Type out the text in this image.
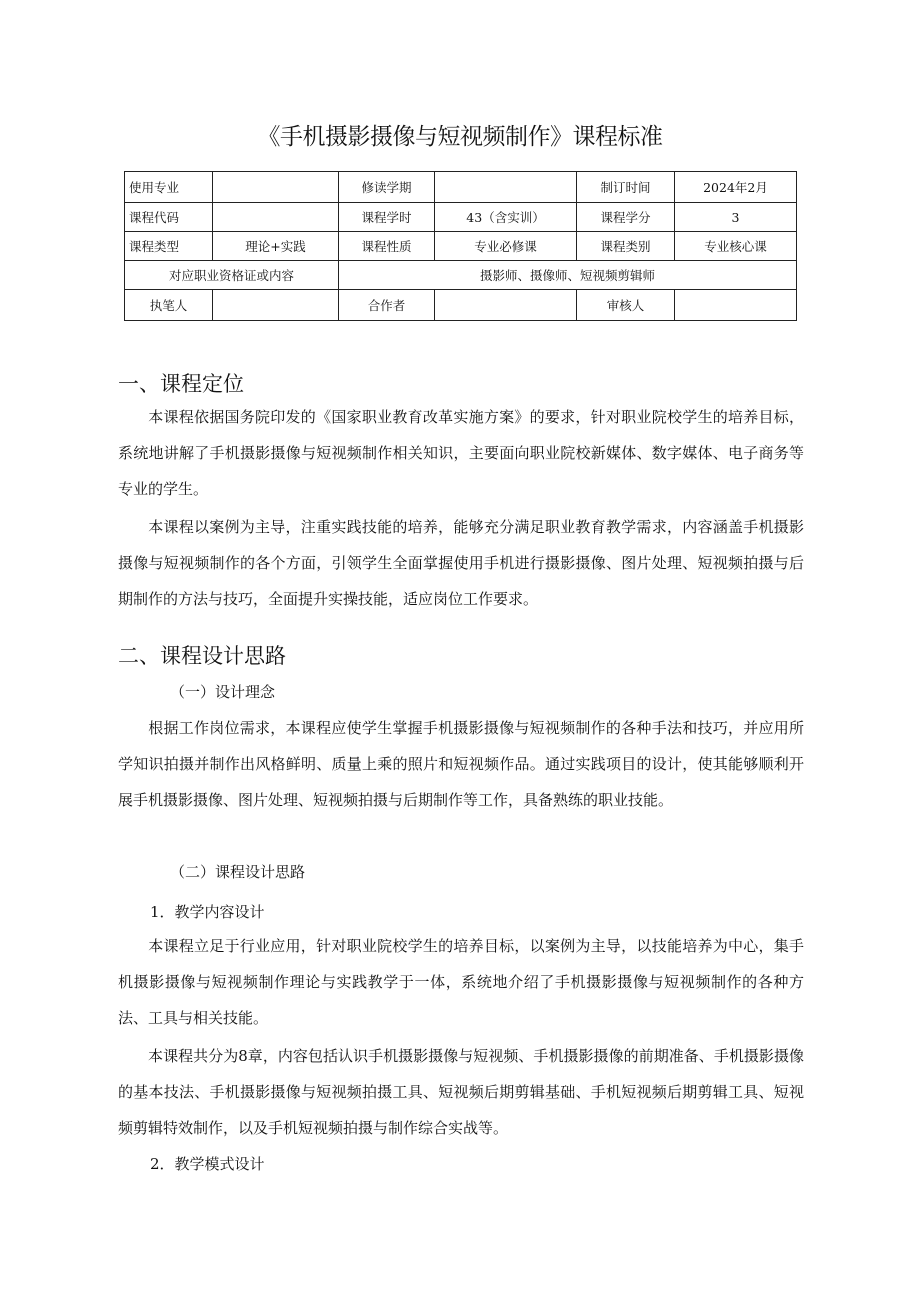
《手机摄影摄像与短视频制作》课程标准
使用专业		修读学期		制订时间	2024年2月
课程代码		课程学时	43（含实训）	课程学分	3
课程类型	理论+实践	课程性质	专业必修课	课程类别	专业核心课
对应职业资格证或内容		摄影师、摄像师、短视频剪辑师			
执笔人		合作者		审核人	
一、课程定位

本课程依据国务院印发的《国家职业教育改革实施方案》的要求，针对职业院校学生的培养目标，系统地讲解了手机摄影摄像与短视频制作相关知识，主要面向职业院校新媒体、数字媒体、电子商务等专业的学生。

本课程以案例为主导，注重实践技能的培养，能够充分满足职业教育教学需求，内容涵盖手机摄影摄像与短视频制作的各个方面，引领学生全面掌握使用手机进行摄影摄像、图片处理、短视频拍摄与后期制作的方法与技巧，全面提升实操技能，适应岗位工作要求。

二、课程设计思路

（一）设计理念

根据工作岗位需求，本课程应使学生掌握手机摄影摄像与短视频制作的各种手法和技巧，并应用所学知识拍摄并制作出风格鲜明、质量上乘的照片和短视频作品。通过实践项目的设计，使其能够顺利开展手机摄影摄像、图片处理、短视频拍摄与后期制作等工作，具备熟练的职业技能。

（二）课程设计思路

1．教学内容设计

本课程立足于行业应用，针对职业院校学生的培养目标，以案例为主导，以技能培养为中心，集手机摄影摄像与短视频制作理论与实践教学于一体，系统地介绍了手机摄影摄像与短视频制作的各种方法、工具与相关技能。

本课程共分为8章，内容包括认识手机摄影摄像与短视频、手机摄影摄像的前期准备、手机摄影摄像的基本技法、手机摄影摄像与短视频拍摄工具、短视频后期剪辑基础、手机短视频后期剪辑工具、短视频剪辑特效制作，以及手机短视频拍摄与制作综合实战等。

2．教学模式设计
